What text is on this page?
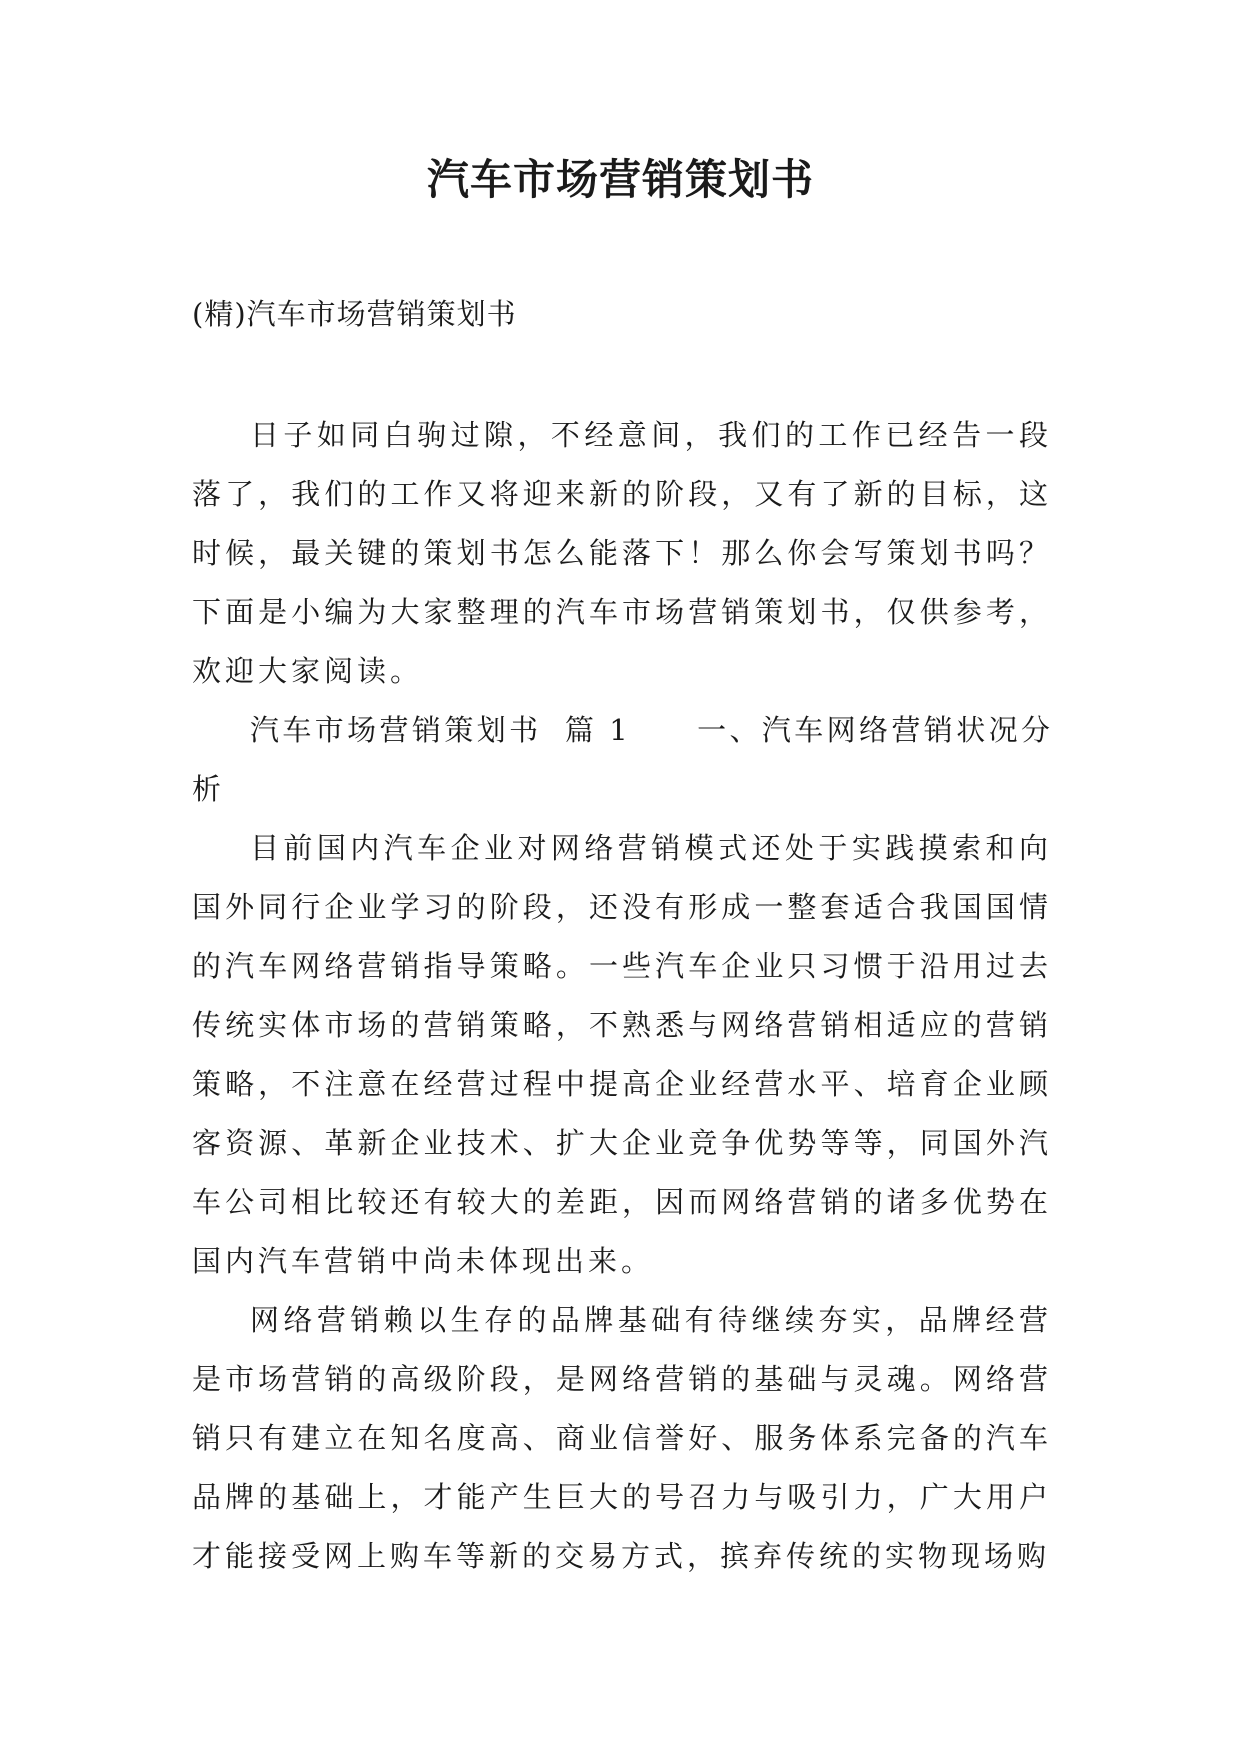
汽车市场营销策划书
(精)汽车市场营销策划书

日子如同白驹过隙，不经意间，我们的工作已经告一段落了，我们的工作又将迎来新的阶段，又有了新的目标，这时候，最关键的策划书怎么能落下！那么你会写策划书吗？下面是小编为大家整理的汽车市场营销策划书，仅供参考，欢迎大家阅读。

汽车市场营销策划书 篇 1 一、汽车网络营销状况分析

目前国内汽车企业对网络营销模式还处于实践摸索和向国外同行企业学习的阶段，还没有形成一整套适合我国国情的汽车网络营销指导策略。一些汽车企业只习惯于沿用过去传统实体市场的营销策略，不熟悉与网络营销相适应的营销策略，不注意在经营过程中提高企业经营水平、培育企业顾客资源、革新企业技术、扩大企业竞争优势等等，同国外汽车公司相比较还有较大的差距，因而网络营销的诸多优势在国内汽车营销中尚未体现出来。

网络营销赖以生存的品牌基础有待继续夯实，品牌经营是市场营销的高级阶段，是网络营销的基础与灵魂。网络营销只有建立在知名度高、商业信誉好、服务体系完备的汽车品牌的基础上，才能产生巨大的号召力与吸引力，广大用户才能接受网上购车等新的交易方式，摈弃传统的实物现场购
